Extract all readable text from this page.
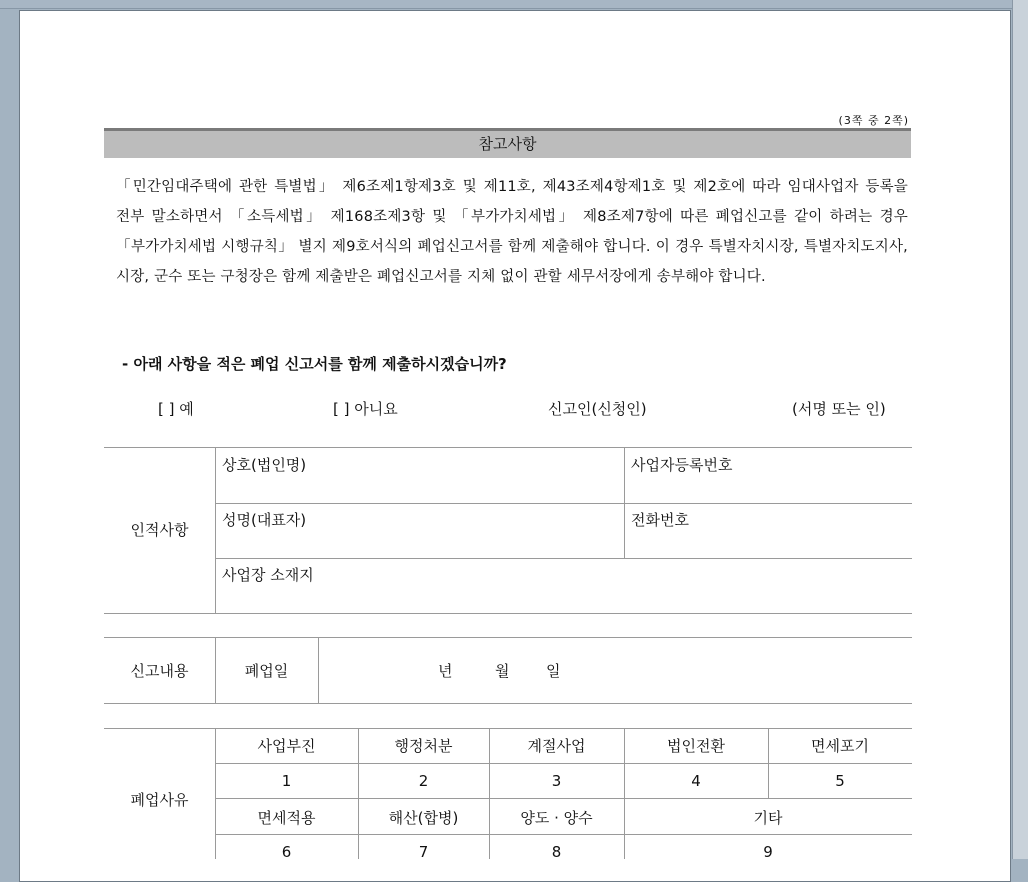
(3쪽 중 2쪽)
참고사항
「민간임대주택에 관한 특별법」 제6조제1항제3호 및 제11호, 제43조제4항제1호 및 제2호에 따라 임대사업자 등록을 전부 말소하면서 「소득세법」 제168조제3항 및 「부가가치세법」 제8조제7항에 따른 폐업신고를 같이 하려는 경우 「부가가치세법 시행규칙」 별지 제9호서식의 폐업신고서를 함께 제출해야 합니다. 이 경우 특별자치시장, 특별자치도지사, 시장, 군수 또는 구청장은 함께 제출받은 폐업신고서를 지체 없이 관할 세무서장에게 송부해야 합니다.
- 아래 사항을 적은 폐업 신고서를 함께 제출하시겠습니까?
[ ] 예	[ ] 아니요	신고인(신청인)	(서명 또는 인)
인적사항
상호(법인명)	사업자등록번호
성명(대표자)	전화번호
사업장 소재지
신고내용	폐업일	년	월 일
폐업사유
사업부진	행정처분	계절사업	법인전환	면세포기
1	2	3	4	5
면세적용	해산(합병)	양도 · 양수	기타
6	7	8	9
